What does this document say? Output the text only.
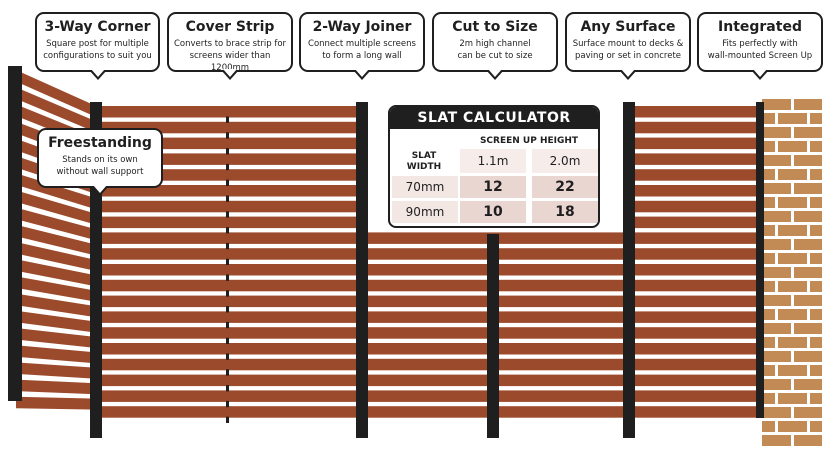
3-Way Corner
Square post for multiple
configurations to suit you
Cover Strip
Converts to brace strip for
screens wider than 1200mm
2-Way Joiner
Connect multiple screens
to form a long wall
Cut to Size
2m high channel
can be cut to size
Any Surface
Surface mount to decks &
paving or set in concrete
Integrated
Fits perfectly with
wall-mounted Screen Up
Freestanding
Stands on its own
without wall support
SLAT CALCULATOR
SCREEN UP HEIGHT
SLAT
WIDTH	1.1m	2.0m
70mm	12	22
90mm	10	18
